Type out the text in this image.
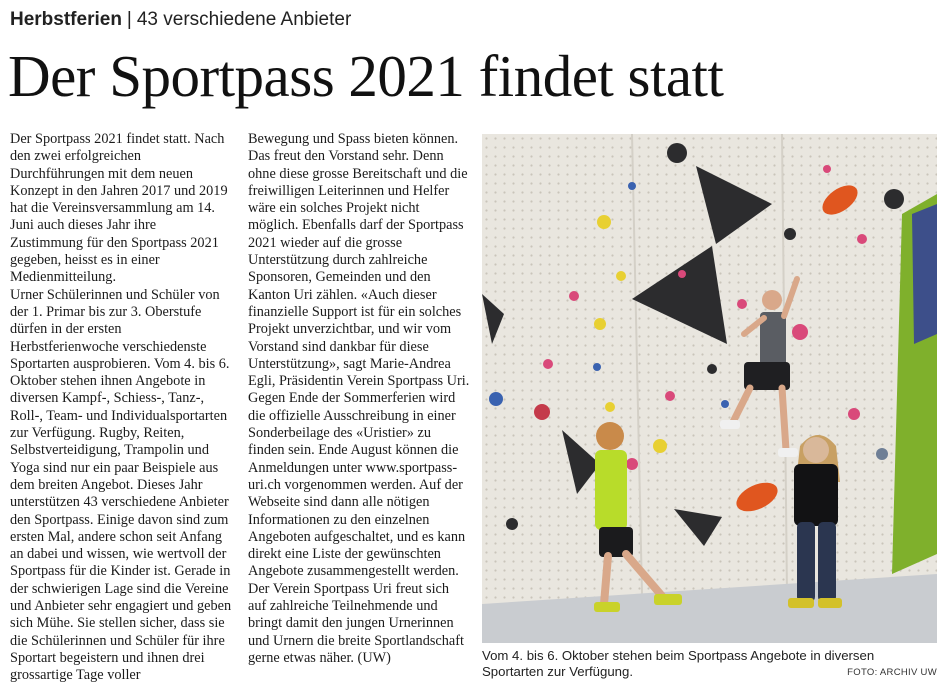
Herbstferien | 43 verschiedene Anbieter
Der Sportpass 2021 findet statt

Der Sportpass 2021 findet statt. Nach den zwei erfolgreichen Durchführungen mit dem neuen Konzept in den Jahren 2017 und 2019 hat die Vereinsversammlung am 14. Juni auch dieses Jahr ihre Zustimmung für den Sportpass 2021 gegeben, heisst es in einer Medienmitteilung.

Urner Schülerinnen und Schüler von der 1. Primar bis zur 3. Oberstufe dürfen in der ersten Herbstferienwoche verschiedenste Sportarten ausprobieren. Vom 4. bis 6. Oktober stehen ihnen Angebote in diversen Kampf-, Schiess-, Tanz-, Roll-, Team- und Individualsportarten zur Verfügung. Rugby, Reiten, Selbstverteidigung, Trampolin und Yoga sind nur ein paar Beispiele aus dem breiten Angebot. Dieses Jahr unterstützen 43 verschiedene Anbieter den Sportpass. Einige davon sind zum ersten Mal, andere schon seit Anfang an dabei und wissen, wie wertvoll der Sportpass für die Kinder ist. Gerade in der schwierigen Lage sind die Vereine und Anbieter sehr engagiert und geben sich Mühe. Sie stellen sicher, dass sie die Schülerinnen und Schüler für ihre Sportart begeistern und ihnen drei grossartige Tage voller

Bewegung und Spass bieten können. Das freut den Vorstand sehr. Denn ohne diese grosse Bereitschaft und die freiwilligen Leiterinnen und Helfer wäre ein solches Projekt nicht möglich. Ebenfalls darf der Sportpass 2021 wieder auf die grosse Unterstützung durch zahlreiche Sponsoren, Gemeinden und den Kanton Uri zählen. «Auch dieser finanzielle Support ist für ein solches Projekt unverzichtbar, und wir vom Vorstand sind dankbar für diese Unterstützung», sagt Marie-Andrea Egli, Präsidentin Verein Sportpass Uri.

Gegen Ende der Sommerferien wird die offizielle Ausschreibung in einer Sonderbeilage des «Uristier» zu finden sein. Ende August können die Anmeldungen unter www.sportpass-uri.ch vorgenommen werden. Auf der Webseite sind dann alle nötigen Informationen zu den einzelnen Angeboten aufgeschaltet, und es kann direkt eine Liste der gewünschten Angebote zusammengestellt werden. Der Verein Sportpass Uri freut sich auf zahlreiche Teilnehmende und bringt damit den jungen Urnerinnen und Urnern die breite Sportlandschaft gerne etwas näher. (UW)	Vom 4. bis 6. Oktober stehen beim Sportpass Angebote in diversen Sportarten zur Verfügung.	FOTO: ARCHIV UW
